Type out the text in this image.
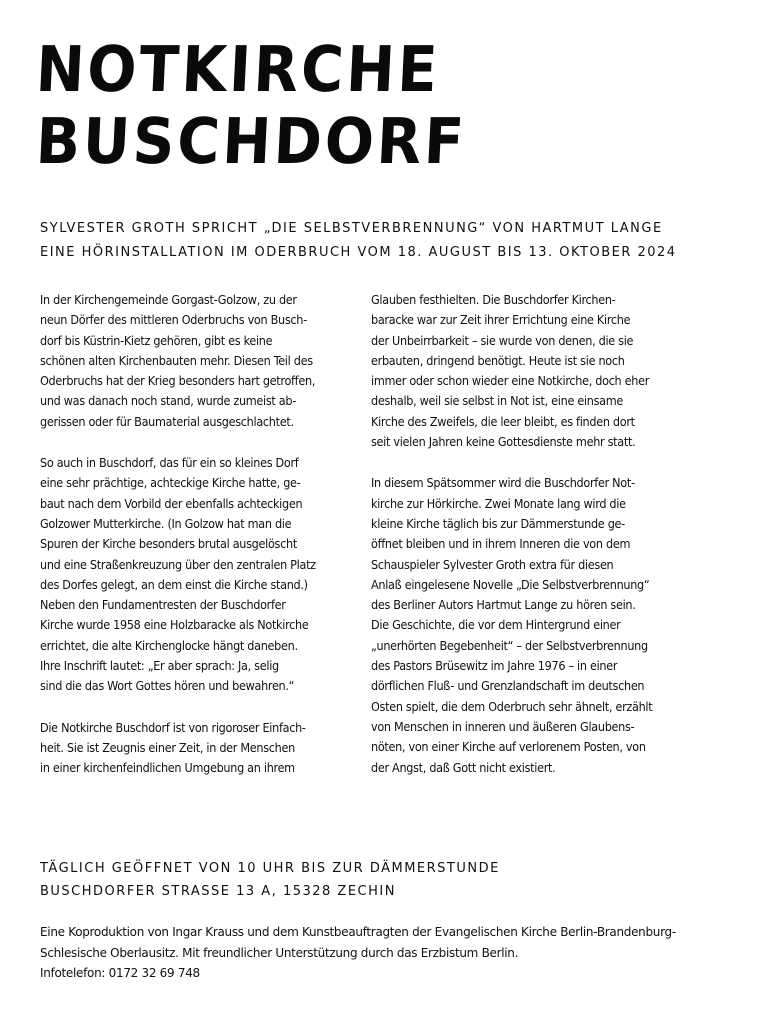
NOTKIRCHE
BUSCHDORF

SYLVESTER GROTH SPRICHT „DIE SELBSTVERBRENNUNG“ VON HARTMUT LANGE
EINE HÖRINSTALLATION IM ODERBRUCH VOM 18. AUGUST BIS 13. OKTOBER 2024

In der Kirchengemeinde Gorgast-Golzow, zu der
neun Dörfer des mittleren Oderbruchs von Busch-
dorf bis Küstrin-Kietz gehören, gibt es keine
schönen alten Kirchenbauten mehr. Diesen Teil des
Oderbruchs hat der Krieg besonders hart getroffen,
und was danach noch stand, wurde zumeist ab-
gerissen oder für Baumaterial ausgeschlachtet.

So auch in Buschdorf, das für ein so kleines Dorf
eine sehr prächtige, achteckige Kirche hatte, ge-
baut nach dem Vorbild der ebenfalls achteckigen
Golzower Mutterkirche. (In Golzow hat man die
Spuren der Kirche besonders brutal ausgelöscht
und eine Straßenkreuzung über den zentralen Platz
des Dorfes gelegt, an dem einst die Kirche stand.)
Neben den Fundamentresten der Buschdorfer
Kirche wurde 1958 eine Holzbaracke als Notkirche
errichtet, die alte Kirchenglocke hängt daneben.
Ihre Inschrift lautet: „Er aber sprach: Ja, selig
sind die das Wort Gottes hören und bewahren.“

Die Notkirche Buschdorf ist von rigoroser Einfach-
heit. Sie ist Zeugnis einer Zeit, in der Menschen
in einer kirchenfeindlichen Umgebung an ihrem

Glauben festhielten. Die Buschdorfer Kirchen-
baracke war zur Zeit ihrer Errichtung eine Kirche
der Unbeirrbarkeit – sie wurde von denen, die sie
erbauten, dringend benötigt. Heute ist sie noch
immer oder schon wieder eine Notkirche, doch eher
deshalb, weil sie selbst in Not ist, eine einsame
Kirche des Zweifels, die leer bleibt, es finden dort
seit vielen Jahren keine Gottesdienste mehr statt.

In diesem Spätsommer wird die Buschdorfer Not-
kirche zur Hörkirche. Zwei Monate lang wird die
kleine Kirche täglich bis zur Dämmerstunde ge-
öffnet bleiben und in ihrem Inneren die von dem
Schauspieler Sylvester Groth extra für diesen
Anlaß eingelesene Novelle „Die Selbstverbrennung“
des Berliner Autors Hartmut Lange zu hören sein.
Die Geschichte, die vor dem Hintergrund einer
„unerhörten Begebenheit“ – der Selbstverbrennung
des Pastors Brüsewitz im Jahre 1976 – in einer
dörflichen Fluß- und Grenzlandschaft im deutschen
Osten spielt, die dem Oderbruch sehr ähnelt, erzählt
von Menschen in inneren und äußeren Glaubens-
nöten, von einer Kirche auf verlorenem Posten, von
der Angst, daß Gott nicht existiert.

TÄGLICH GEÖFFNET VON 10 UHR BIS ZUR DÄMMERSTUNDE
BUSCHDORFER STRASSE 13 A, 15328 ZECHIN

Eine Koproduktion von Ingar Krauss und dem Kunstbeauftragten der Evangelischen Kirche Berlin-Brandenburg-
Schlesische Oberlausitz. Mit freundlicher Unterstützung durch das Erzbistum Berlin.
Infotelefon: 0172 32 69 748
